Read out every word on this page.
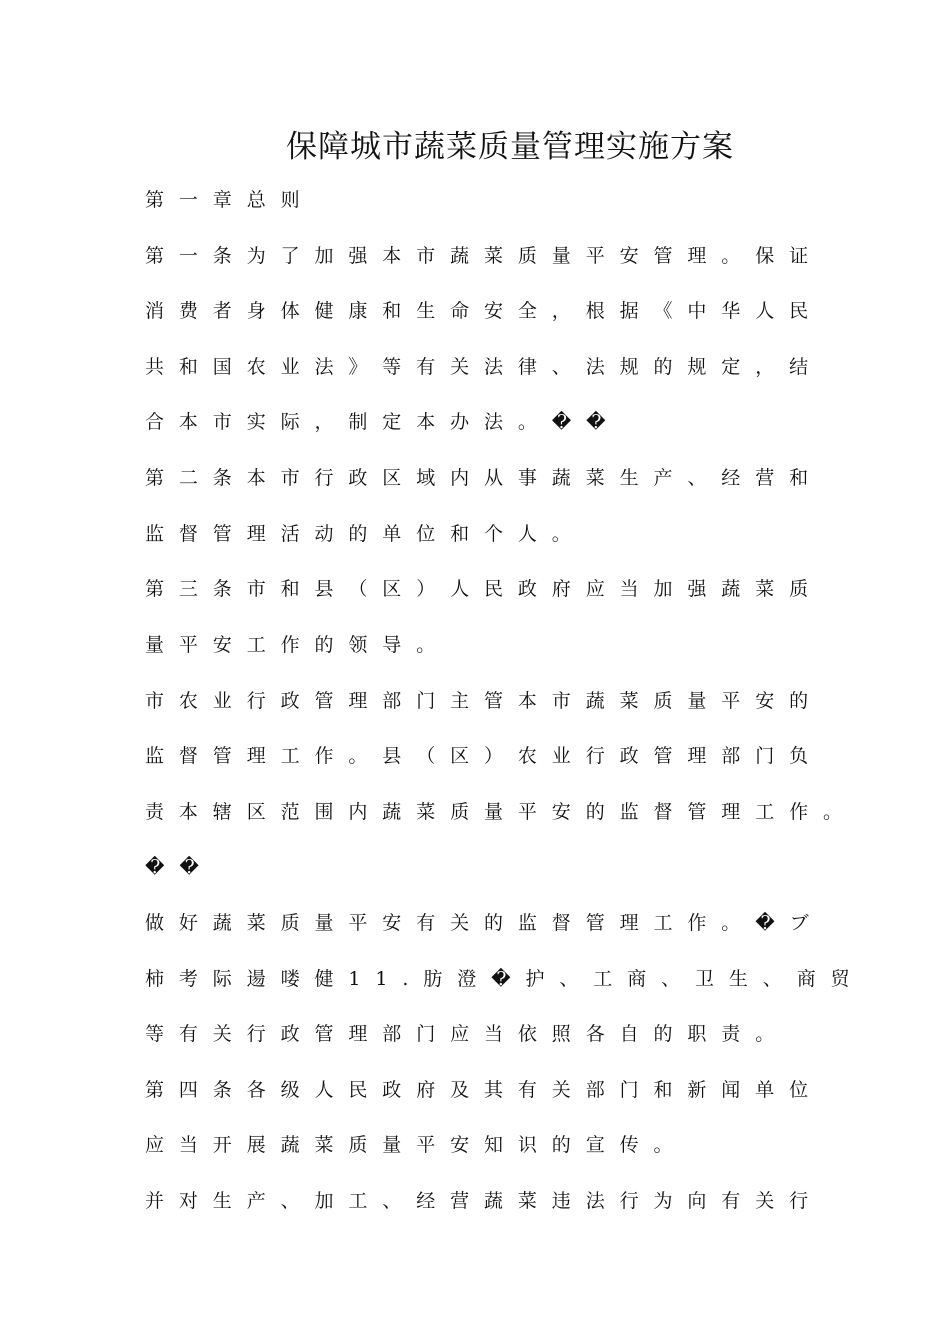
保障城市蔬菜质量管理实施方案
第一章总则
第一条为了加强本市蔬菜质量平安管理。保证
消费者身体健康和生命安全，根据《中华人民
共和国农业法》等有关法律、法规的规定，结
合本市实际，制定本办法。��
第二条本市行政区域内从事蔬菜生产、经营和
监督管理活动的单位和个人。
第三条市和县（区）人民政府应当加强蔬菜质
量平安工作的领导。
市农业行政管理部门主管本市蔬菜质量平安的
监督管理工作。县（区）农业行政管理部门负
责本辖区范围内蔬菜质量平安的监督管理工作。
��
做好蔬菜质量平安有关的监督管理工作。�ブ
柿考际逿喽健11.肪澄�护、工商、卫生、商贸
等有关行政管理部门应当依照各自的职责。
第四条各级人民政府及其有关部门和新闻单位
应当开展蔬菜质量平安知识的宣传。
并对生产、加工、经营蔬菜违法行为向有关行
